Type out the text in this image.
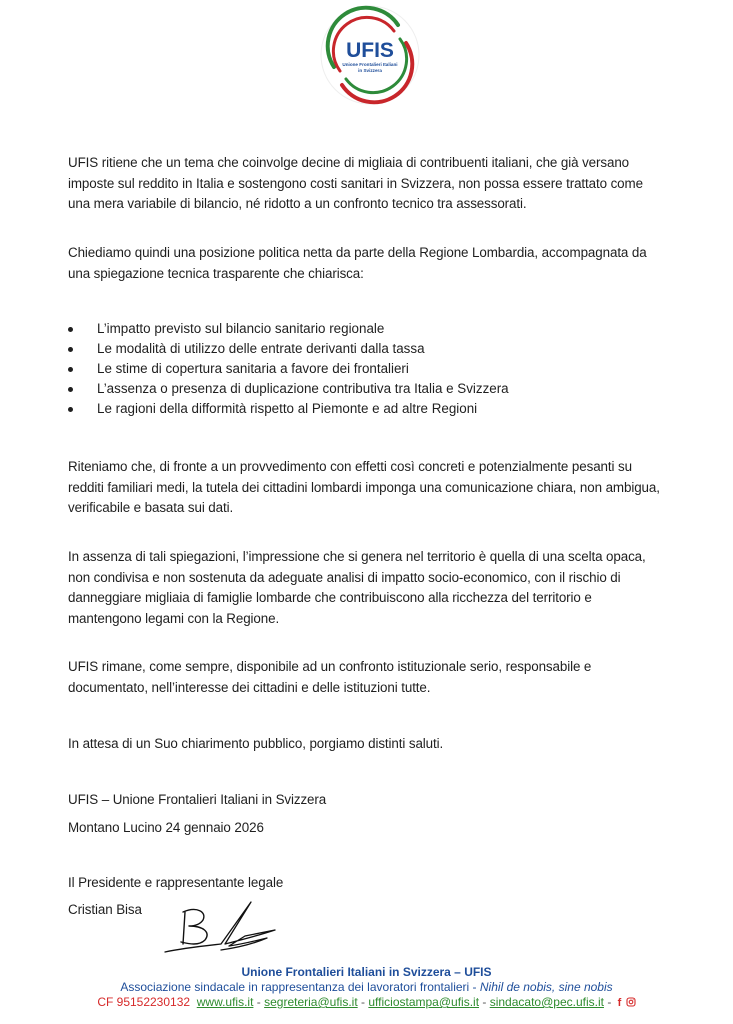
UFIS
Unione Frontalieri Italiani
in Svizzera
UFIS ritiene che un tema che coinvolge decine di migliaia di contribuenti italiani, che già versano imposte sul reddito in Italia e sostengono costi sanitari in Svizzera, non possa essere trattato come una mera variabile di bilancio, né ridotto a un confronto tecnico tra assessorati.
Chiediamo quindi una posizione politica netta da parte della Regione Lombardia, accompagnata da una spiegazione tecnica trasparente che chiarisca:
L’impatto previsto sul bilancio sanitario regionale
Le modalità di utilizzo delle entrate derivanti dalla tassa
Le stime di copertura sanitaria a favore dei frontalieri
L’assenza o presenza di duplicazione contributiva tra Italia e Svizzera
Le ragioni della difformità rispetto al Piemonte e ad altre Regioni
Riteniamo che, di fronte a un provvedimento con effetti così concreti e potenzialmente pesanti su redditi familiari medi, la tutela dei cittadini lombardi imponga una comunicazione chiara, non ambigua, verificabile e basata sui dati.
In assenza di tali spiegazioni, l’impressione che si genera nel territorio è quella di una scelta opaca, non condivisa e non sostenuta da adeguate analisi di impatto socio-economico, con il rischio di danneggiare migliaia di famiglie lombarde che contribuiscono alla ricchezza del territorio e mantengono legami con la Regione.
UFIS rimane, come sempre, disponibile ad un confronto istituzionale serio, responsabile e documentato, nell’interesse dei cittadini e delle istituzioni tutte.
In attesa di un Suo chiarimento pubblico, porgiamo distinti saluti.
UFIS – Unione Frontalieri Italiani in Svizzera
Montano Lucino 24 gennaio 2026
Il Presidente e rappresentante legale
Cristian Bisa
Unione Frontalieri Italiani in Svizzera – UFIS
Associazione sindacale in rappresentanza dei lavoratori frontalieri - Nihil de nobis, sine nobis
CF 95152230132 www.ufis.it - segreteria@ufis.it - ufficiostampa@ufis.it - sindacato@pec.ufis.it - f
